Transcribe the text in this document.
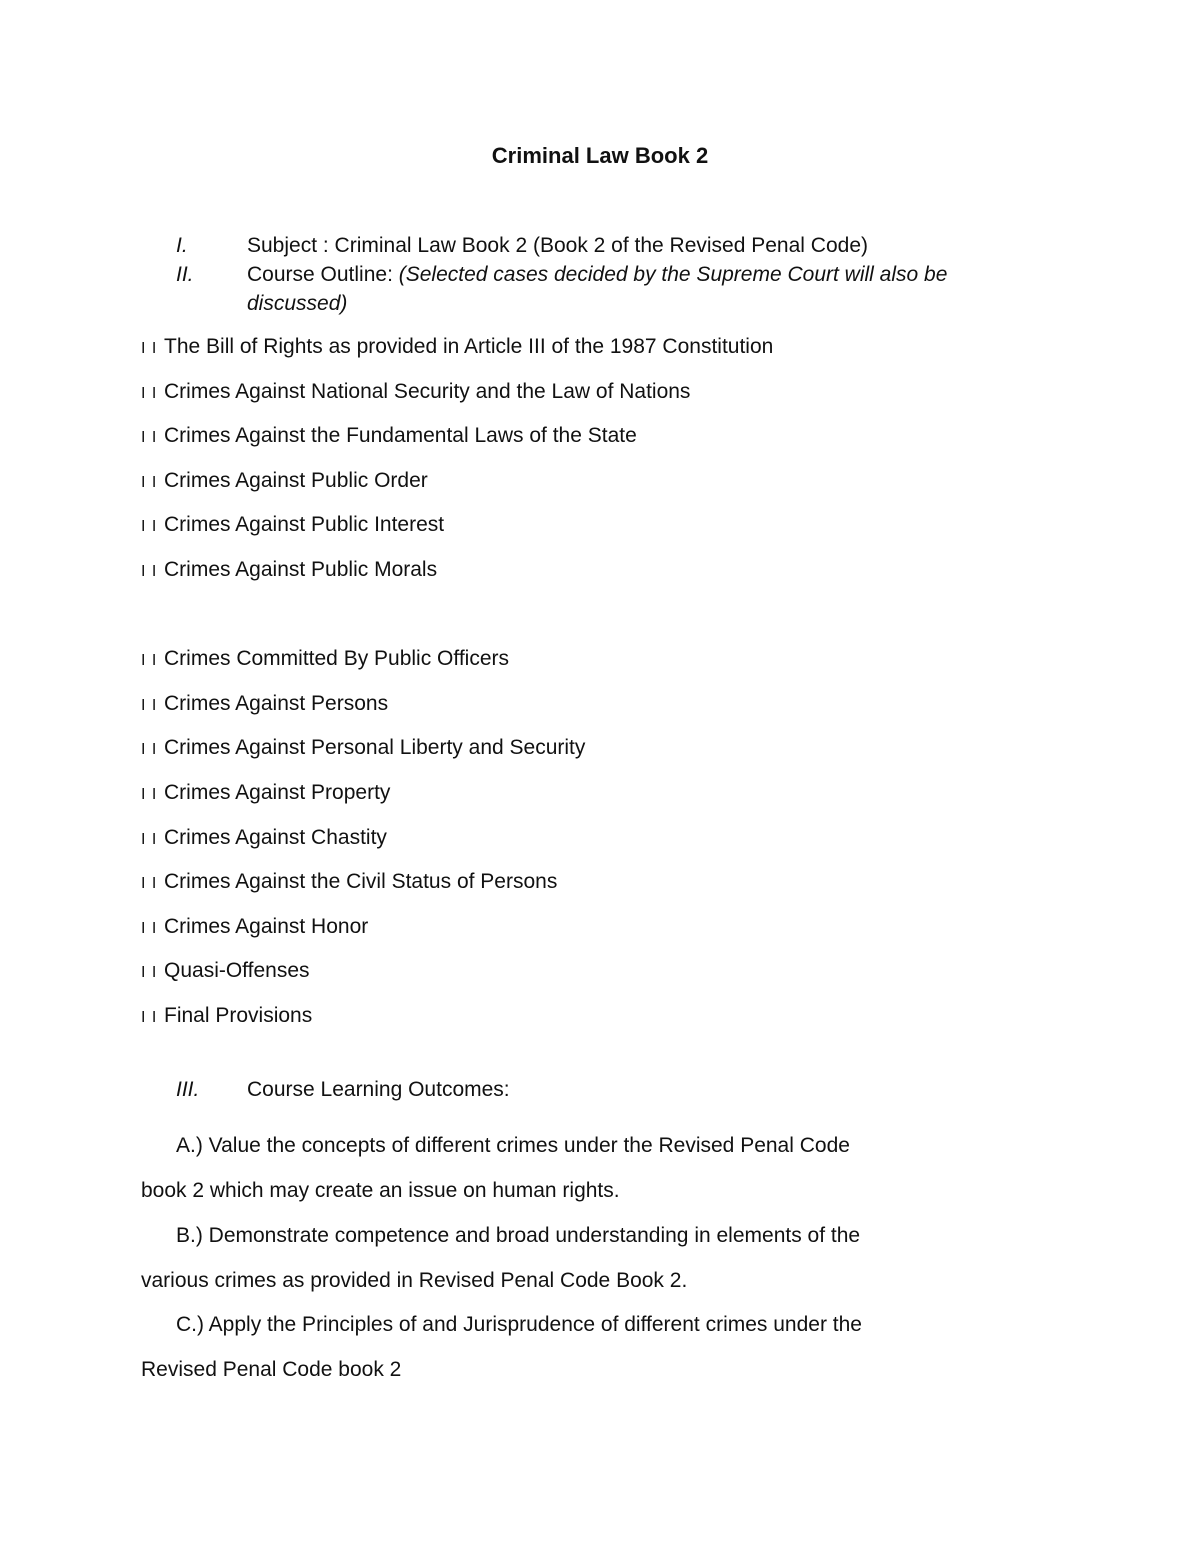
Criminal Law Book 2
I.	Subject : Criminal Law Book 2 (Book 2 of the Revised Penal Code)
II.	Course Outline: (Selected cases decided by the Supreme Court will also be discussed)
I I The Bill of Rights as provided in Article III of the 1987 Constitution
I I Crimes Against National Security and the Law of Nations
I I Crimes Against the Fundamental Laws of the State
I I Crimes Against Public Order
I I Crimes Against Public Interest
I I Crimes Against Public Morals
I I Crimes Committed By Public Officers
I I Crimes Against Persons
I I Crimes Against Personal Liberty and Security
I I Crimes Against Property
I I Crimes Against Chastity
I I Crimes Against the Civil Status of Persons
I I Crimes Against Honor
I I Quasi-Offenses
I I Final Provisions
III. Course Learning Outcomes:
A.) Value the concepts of different crimes under the Revised Penal Code
book 2 which may create an issue on human rights.
B.) Demonstrate competence and broad understanding in elements of the
various crimes as provided in Revised Penal Code Book 2.
C.) Apply the Principles of and Jurisprudence of different crimes under the
Revised Penal Code book 2
